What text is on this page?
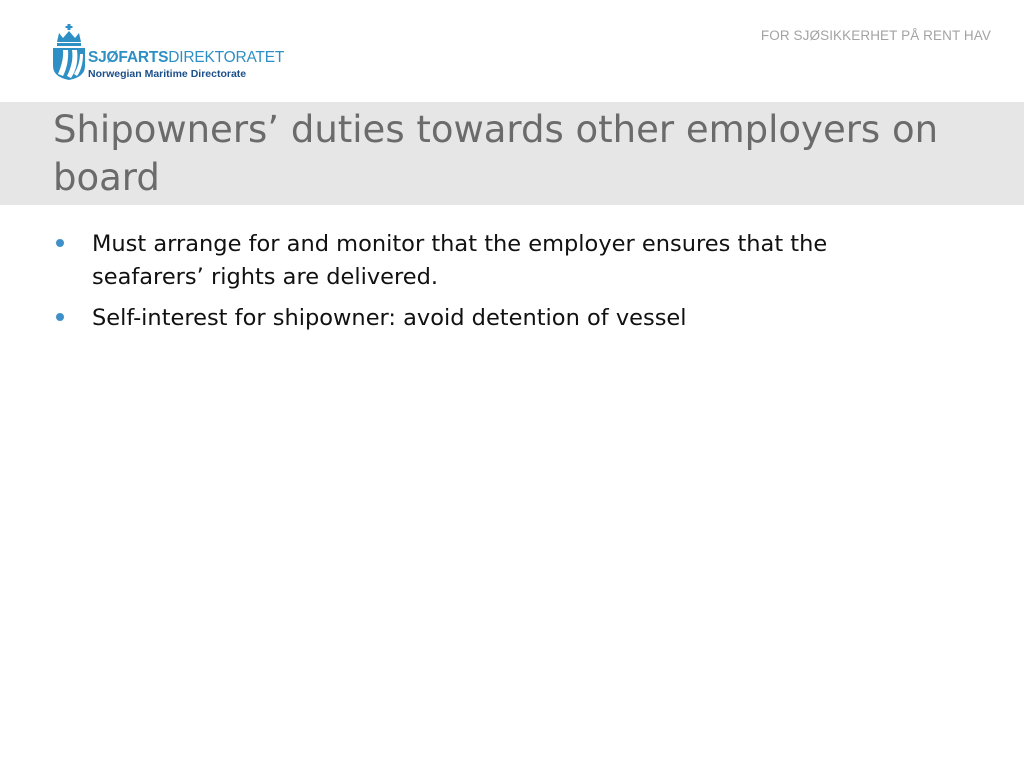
SJØFARTSDIREKTORATET
Norwegian Maritime Directorate
FOR SJØSIKKERHET PÅ RENT HAV
Shipowners’ duties towards other employers on board
Must arrange for and monitor that the employer ensures that the seafarers’ rights are delivered.
Self-interest for shipowner: avoid detention of vessel
